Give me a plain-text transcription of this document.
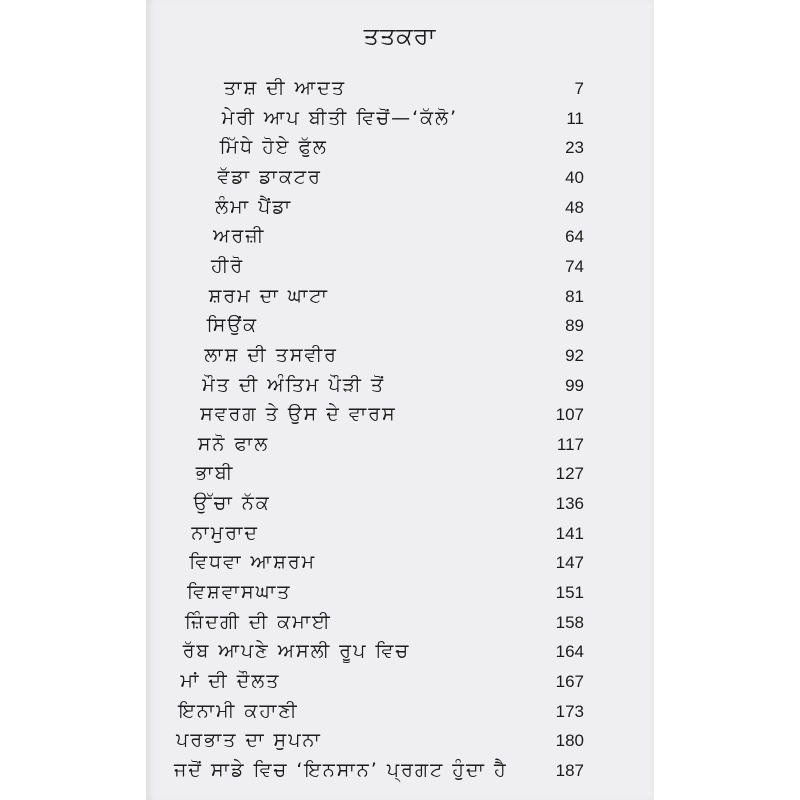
ਤਤਕਰਾ
ਤਾਸ਼ ਦੀ ਆਦਤ	7
ਮੇਰੀ ਆਪ ਬੀਤੀ ਵਿਚੋਂ—‘ਕੱਲੋ’	11
ਮਿੱਧੇ ਹੋਏ ਫੁੱਲ	23
ਵੱਡਾ ਡਾਕਟਰ	40
ਲੰਮਾ ਪੈਂਡਾ	48
ਅਰਜ਼ੀ	64
ਹੀਰੋ	74
ਸ਼ਰਮ ਦਾ ਘਾਟਾ	81
ਸਿਉਂਕ	89
ਲਾਸ਼ ਦੀ ਤਸਵੀਰ	92
ਮੌਤ ਦੀ ਅੰਤਿਮ ਪੌੜੀ ਤੋਂ	99
ਸਵਰਗ ਤੇ ਉਸ ਦੇ ਵਾਰਸ	107
ਸਨੋ ਫਾਲ	117
ਭਾਬੀ	127
ਉੱਚਾ ਨੱਕ	136
ਨਾਮੁਰਾਦ	141
ਵਿਧਵਾ ਆਸ਼ਰਮ	147
ਵਿਸ਼ਵਾਸਘਾਤ	151
ਜ਼ਿੰਦਗੀ ਦੀ ਕਮਾਈ	158
ਰੱਬ ਆਪਣੇ ਅਸਲੀ ਰੂਪ ਵਿਚ	164
ਮਾਂ ਦੀ ਦੌਲਤ	167
ਇਨਾਮੀ ਕਹਾਣੀ	173
ਪਰਭਾਤ ਦਾ ਸੁਪਨਾ	180
ਜਦੋਂ ਸਾਡੇ ਵਿਚ ‘ਇਨਸਾਨ’ ਪ੍ਰਗਟ ਹੁੰਦਾ ਹੈ	187
